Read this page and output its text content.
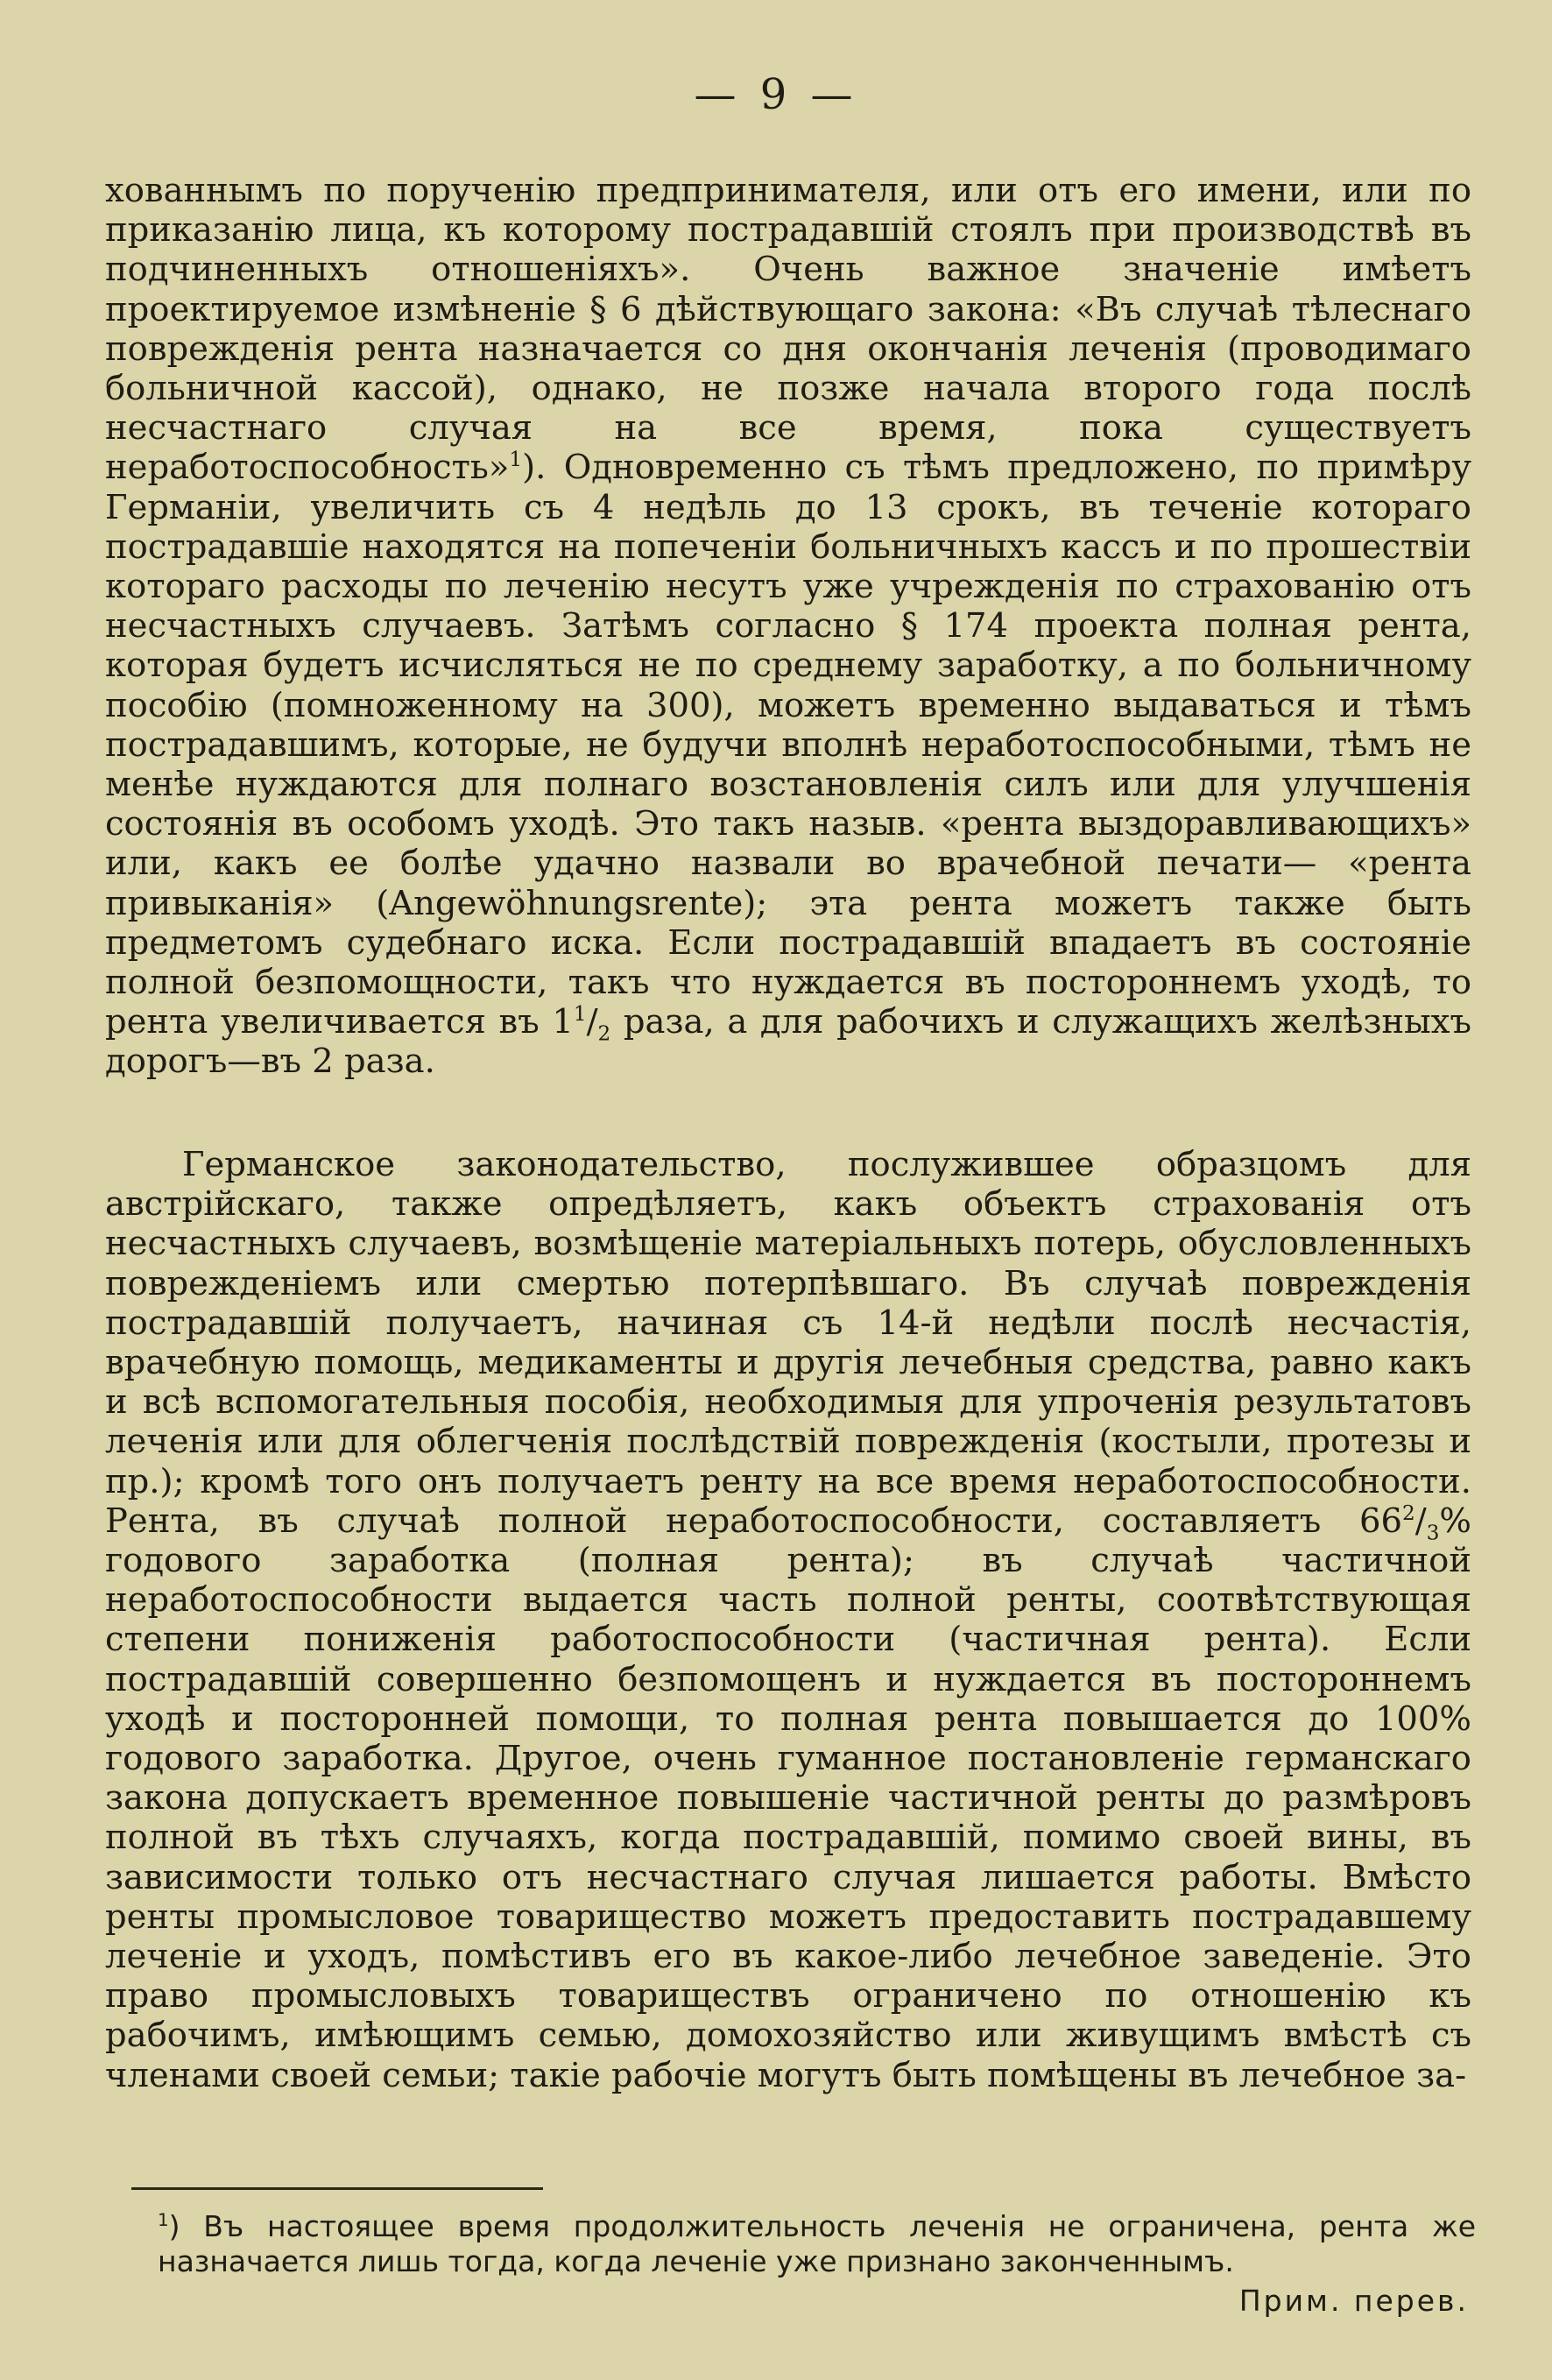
— 9 —
хованнымъ по порученію предпринимателя, или отъ его имени, или по приказанію лица, къ которому пострадавшій стоялъ при производствѣ въ подчиненныхъ отношеніяхъ». Очень важное значеніе имѣетъ проектируемое измѣненіе § 6 дѣйствующаго закона: «Въ случаѣ тѣлеснаго поврежденія рента назначается со дня окончанія леченія (проводимаго больничной кассой), однако, не позже начала второго года послѣ несчастнаго случая на все время, пока существуетъ неработоспособность»$^1$). Одновременно съ тѣмъ предложено, по примѣру Германіи, увеличить съ 4 недѣль до 13 срокъ, въ теченіе котораго пострадавшіе находятся на попеченіи больничныхъ кассъ и по прошествіи котораго расходы по леченію несутъ уже учрежденія по страхованію отъ несчастныхъ случаевъ. Затѣмъ согласно § 174 проекта полная рента, которая будетъ исчисляться не по среднему заработку, а по больничному пособію (помноженному на 300), можетъ временно выдаваться и тѣмъ пострадавшимъ, которые, не будучи вполнѣ неработоспособными, тѣмъ не менѣе нуждаются для полнаго возстановленія силъ или для улучшенія состоянія въ особомъ уходѣ. Это такъ назыв. «рента выздоравливающихъ» или, какъ ее болѣе удачно назвали во врачебной печати— «рента привыканія» (Angewöhnungsrente); эта рента можетъ также быть предметомъ судебнаго иска. Если пострадавшій впадаетъ въ состояніе полной безпомощности, такъ что нуждается въ постороннемъ уходѣ, то рента увеличивается въ $1^1/_2$ раза, а для рабочихъ и служащихъ желѣзныхъ дорогъ—въ 2 раза.
Германское законодательство, послужившее образцомъ для австрійскаго, также опредѣляетъ, какъ объектъ страхованія отъ несчастныхъ случаевъ, возмѣщеніе матеріальныхъ потерь, обусловленныхъ поврежденіемъ или смертью потерпѣвшаго. Въ случаѣ поврежденія пострадавшій получаетъ, начиная съ 14-й недѣли послѣ несчастія, врачебную помощь, медикаменты и другія лечебныя средства, равно какъ и всѣ вспомогательныя пособія, необходимыя для упроченія результатовъ леченія или для облегченія послѣдствій поврежденія (костыли, протезы и пр.); кромѣ того онъ получаетъ ренту на все время неработоспособности. Рента, въ случаѣ полной неработоспособности, составляетъ $66^2/_3\%$ годового заработка (полная рента); въ случаѣ частичной неработоспособности выдается часть полной ренты, соотвѣтствующая степени пониженія работоспособности (частичная рента). Если пострадавшій совершенно безпомощенъ и нуждается въ постороннемъ уходѣ и посторонней помощи, то полная рента повышается до 100% годового заработка. Другое, очень гуманное постановленіе германскаго закона допускаетъ временное повышеніе частичной ренты до размѣровъ полной въ тѣхъ случаяхъ, когда пострадавшій, помимо своей вины, въ зависимости только отъ несчастнаго случая лишается работы. Вмѣсто ренты промысловое товарищество можетъ предоставить пострадавшему леченіе и уходъ, помѣстивъ его въ какое-либо лечебное заведеніе. Это право промысловыхъ товариществъ ограничено по отношенію къ рабочимъ, имѣющимъ семью, домохозяйство или живущимъ вмѣстѣ съ членами своей семьи; такіе рабочіе могутъ быть помѣщены въ лечебное за-
$^1$) Въ настоящее время продолжительность леченія не ограничена, рента же назначается лишь тогда, когда леченіе уже признано законченнымъ.
Прим. перев.
